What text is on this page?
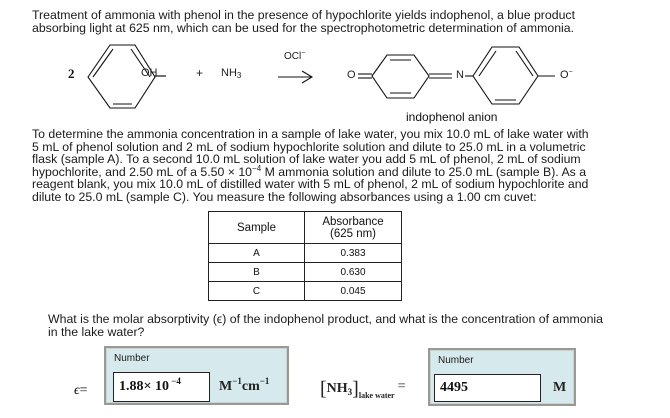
Treatment of ammonia with phenol in the presence of hypochlorite yields indophenol, a blue product
absorbing light at 625 nm, which can be used for the spectrophotometric determination of ammonia.
2	OH	+ $NH_3$
OCl−
O	N	O−
indophenol anion
To determine the ammonia concentration in a sample of lake water, you mix 10.0 mL of lake water with
5 mL of phenol solution and 2 mL of sodium hypochlorite solution and dilute to 25.0 mL in a volumetric
flask (sample A). To a second 10.0 mL solution of lake water you add 5 mL of phenol, 2 mL of sodium
hypochlorite, and 2.50 mL of a $5.50 \times 10^{-4}$ M ammonia solution and dilute to 25.0 mL (sample B). As a
reagent blank, you mix 10.0 mL of distilled water with 5 mL of phenol, 2 mL of sodium hypochlorite and
dilute to 25.0 mL (sample C). You measure the following absorbances using a 1.00 cm cuvet:
Sample	Absorbance
(625 nm)
A	0.383
B	0.630
C	0.045
What is the molar absorptivity (ϵ) of the indophenol product, and what is the concentration of ammonia
in the lake water?
ϵ=
Number
1.88× 10 $^{-4}$	$M^{-1}cm^{-1}$	$[NH_3]_{lake water}=$
Number
4495	M
